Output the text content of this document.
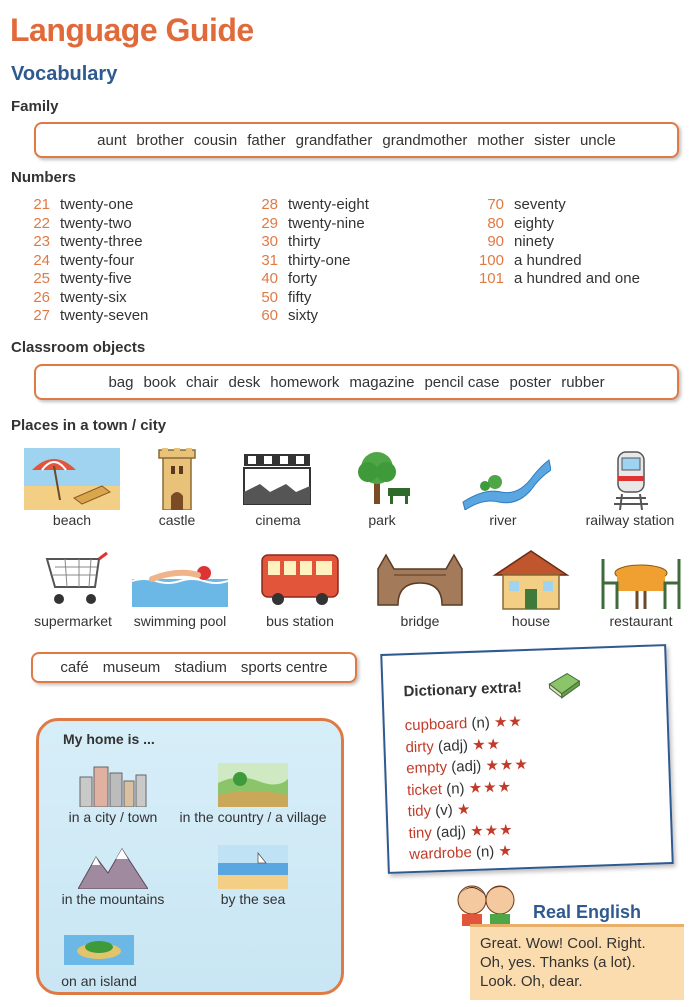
Language Guide
Vocabulary
Family
aunt brother cousin father grandfather grandmother mother sister uncle
Numbers
21 twenty-one
22 twenty-two
23 twenty-three
24 twenty-four
25 twenty-five
26 twenty-six
27 twenty-seven
28 twenty-eight
29 twenty-nine
30 thirty
31 thirty-one
40 forty
50 fifty
60 sixty
70 seventy
80 eighty
90 ninety
100 a hundred
101 a hundred and one
Classroom objects
bag book chair desk homework magazine pencil case poster rubber
Places in a town / city
beach	castle	cinema	park	river	railway station
supermarket	swimming pool	bus station	bridge	house	restaurant
café museum stadium sports centre
My home is ...
in a city / town	in the country / a village
in the mountains	by the sea
on an island
Dictionary extra!
cupboard (n) ★★
dirty (adj) ★★
empty (adj) ★★★
ticket (n) ★★★
tidy (v) ★
tiny (adj) ★★★
wardrobe (n) ★
Real English
Great. Wow! Cool. Right.
Oh, yes. Thanks (a lot).
Look. Oh, dear.
